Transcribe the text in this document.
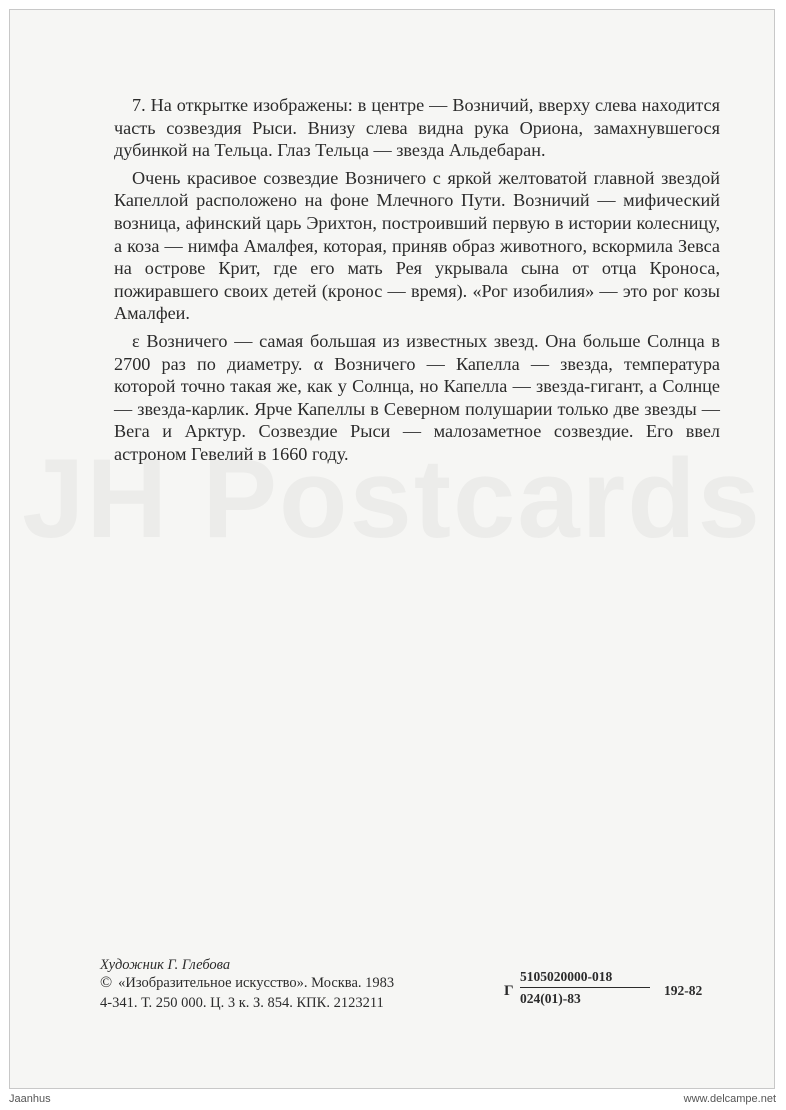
7. На открытке изображены: в центре — Возничий, вверху слева находится часть созвездия Рыси. Внизу слева видна рука Ориона, замахнувшегося дубинкой на Тельца. Глаз Тельца — звезда Альдебаран.

Очень красивое созвездие Возничего с яркой желтоватой главной звездой Капеллой расположено на фоне Млечного Пути. Возничий — мифический возница, афинский царь Эрихтон, построивший первую в истории колесницу, а коза — нимфа Амалфея, которая, приняв образ животного, вскормила Зевса на острове Крит, где его мать Рея укрывала сына от отца Кроноса, пожиравшего своих детей (кронос — время). «Рог изобилия» — это рог козы Амалфеи.

ε Возничего — самая большая из известных звезд. Она больше Солнца в 2700 раз по диаметру. α Возничего — Капелла — звезда, температура которой точно такая же, как у Солнца, но Капелла — звезда-гигант, а Солнце — звезда-карлик. Ярче Капеллы в Северном полушарии только две звезды — Вега и Арктур. Созвездие Рыси — малозаметное созвездие. Его ввел астроном Гевелий в 1660 году.

Художник Г. Глебова
© «Изобразительное искусство». Москва. 1983	Г $\frac{5105020000-018}{024(01)-83} 192-82$
4-341. Т. 250 000. Ц. 3 к. З. 854. КПК. 2123211
Jaanhus	www.delcampe.net
